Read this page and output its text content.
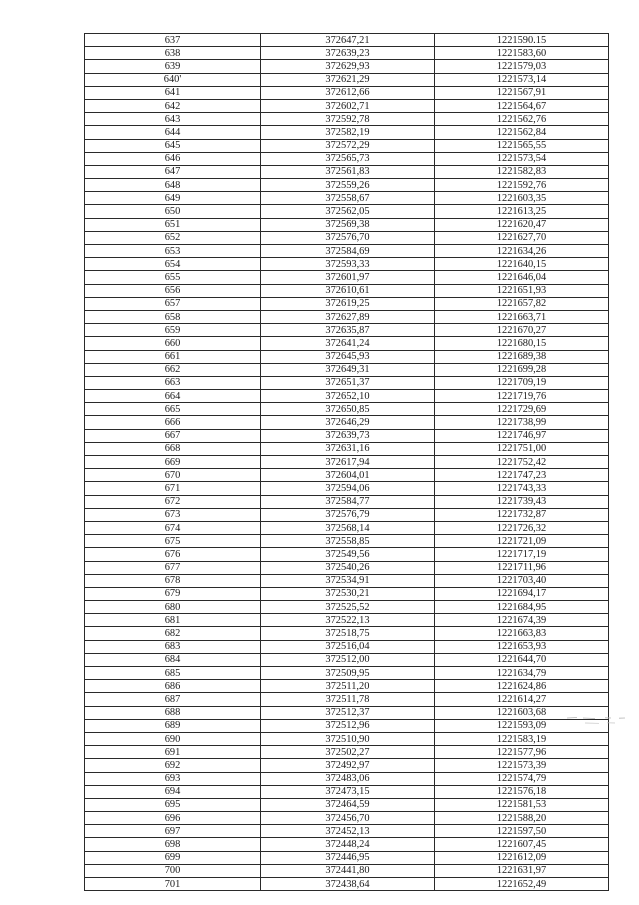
637	372647,21	1221590.15
638	372639,23	1221583,60
639	372629,93	1221579,03
640'	372621,29	1221573,14
641	372612,66	1221567,91
642	372602,71	1221564,67
643	372592,78	1221562,76
644	372582,19	1221562,84
645	372572,29	1221565,55
646	372565,73	1221573,54
647	372561,83	1221582,83
648	372559,26	1221592,76
649	372558,67	1221603,35
650	372562,05	1221613,25
651	372569,38	1221620,47
652	372576,70	1221627,70
653	372584,69	1221634,26
654	372593,33	1221640,15
655	372601,97	1221646,04
656	372610,61	1221651,93
657	372619,25	1221657,82
658	372627,89	1221663,71
659	372635,87	1221670,27
660	372641,24	1221680,15
661	372645,93	1221689,38
662	372649,31	1221699,28
663	372651,37	1221709,19
664	372652,10	1221719,76
665	372650,85	1221729,69
666	372646,29	1221738,99
667	372639,73	1221746,97
668	372631,16	1221751,00
669	372617,94	1221752,42
670	372604,01	1221747,23
671	372594,06	1221743,33
672	372584,77	1221739,43
673	372576,79	1221732,87
674	372568,14	1221726,32
675	372558,85	1221721,09
676	372549,56	1221717,19
677	372540,26	1221711,96
678	372534,91	1221703,40
679	372530,21	1221694,17
680	372525,52	1221684,95
681	372522,13	1221674,39
682	372518,75	1221663,83
683	372516,04	1221653,93
684	372512,00	1221644,70
685	372509,95	1221634,79
686	372511,20	1221624,86
687	372511,78	1221614,27
688	372512,37	1221603,68
689	372512,96	1221593,09
690	372510,90	1221583,19
691	372502,27	1221577,96
692	372492,97	1221573,39
693	372483,06	1221574,79
694	372473,15	1221576,18
695	372464,59	1221581,53
696	372456,70	1221588,20
697	372452,13	1221597,50
698	372448,24	1221607,45
699	372446,95	1221612,09
700	372441,80	1221631,97
701	372438,64	1221652,49
